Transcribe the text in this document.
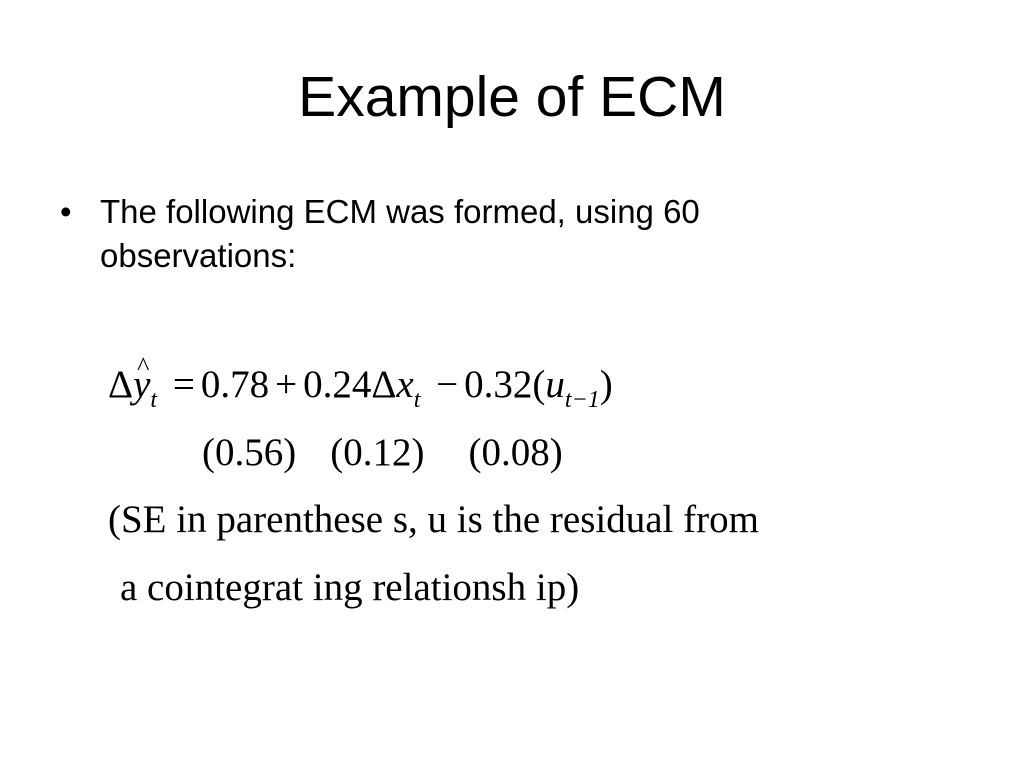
Example of ECM
• The following ECM was formed, using 60 observations:
Δ^ $y_t = 0.78 + 0.24\Delta x_t - 0.32(u_{t-1})$
(0.56) (0.12) (0.08)
(SE in parenthese s, u is the residual from
a cointegrat ing relationsh ip)
